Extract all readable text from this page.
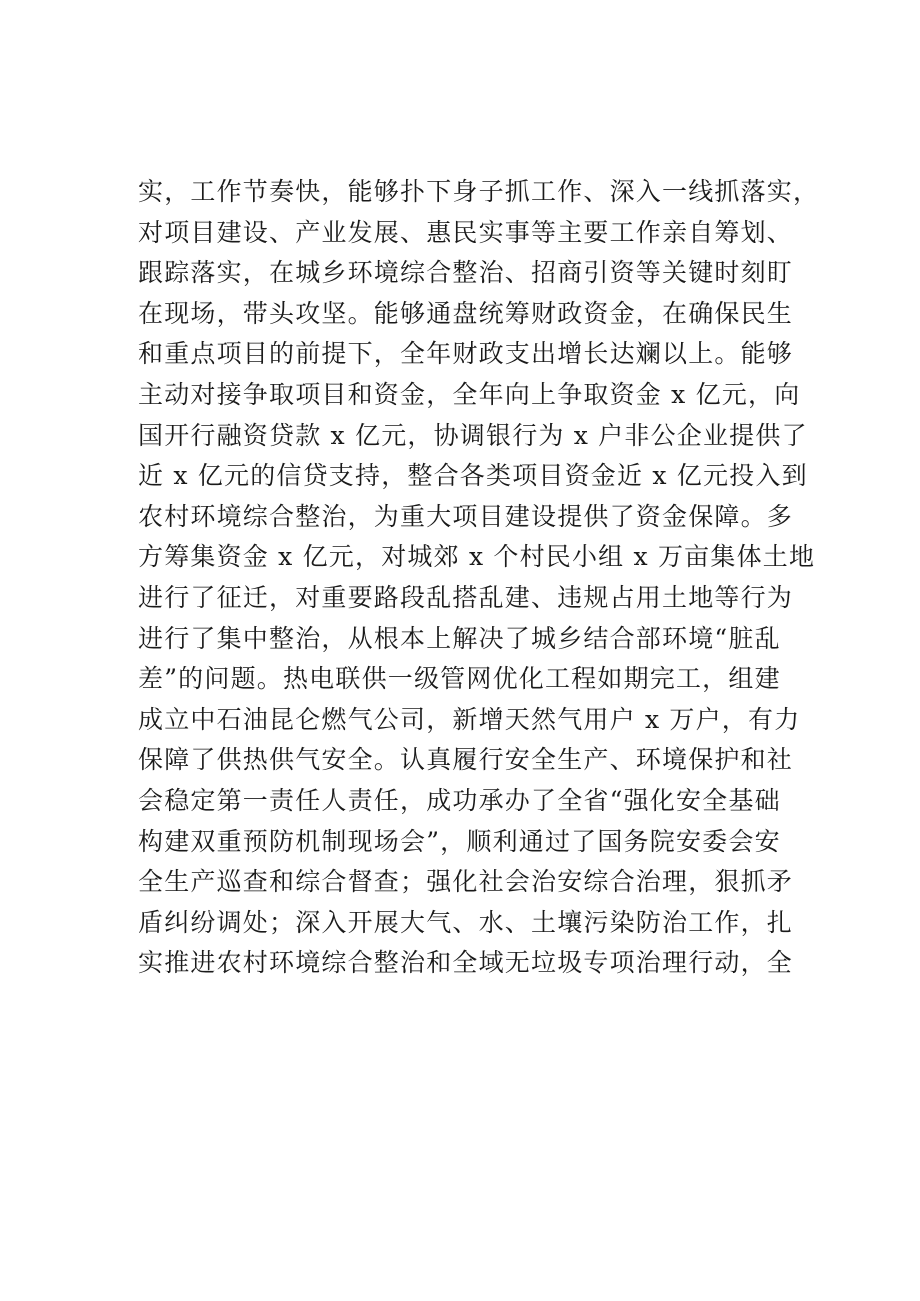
实，工作节奏快，能够扑下身子抓工作、深入一线抓落实，
对项目建设、产业发展、惠民实事等主要工作亲自筹划、
跟踪落实，在城乡环境综合整治、招商引资等关键时刻盯
在现场，带头攻坚。能够通盘统筹财政资金，在确保民生
和重点项目的前提下，全年财政支出增长达斓以上。能够
主动对接争取项目和资金，全年向上争取资金 x 亿元，向
国开行融资贷款 x 亿元，协调银行为 x 户非公企业提供了
近 x 亿元的信贷支持，整合各类项目资金近 x 亿元投入到
农村环境综合整治，为重大项目建设提供了资金保障。多
方筹集资金 x 亿元，对城郊 x 个村民小组 x 万亩集体土地
进行了征迁，对重要路段乱搭乱建、违规占用土地等行为
进行了集中整治，从根本上解决了城乡结合部环境“脏乱
差”的问题。热电联供一级管网优化工程如期完工，组建
成立中石油昆仑燃气公司，新增天然气用户 x 万户，有力
保障了供热供气安全。认真履行安全生产、环境保护和社
会稳定第一责任人责任，成功承办了全省“强化安全基础
构建双重预防机制现场会”，顺利通过了国务院安委会安
全生产巡查和综合督查；强化社会治安综合治理，狠抓矛
盾纠纷调处；深入开展大气、水、土壤污染防治工作，扎
实推进农村环境综合整治和全域无垃圾专项治理行动，全
